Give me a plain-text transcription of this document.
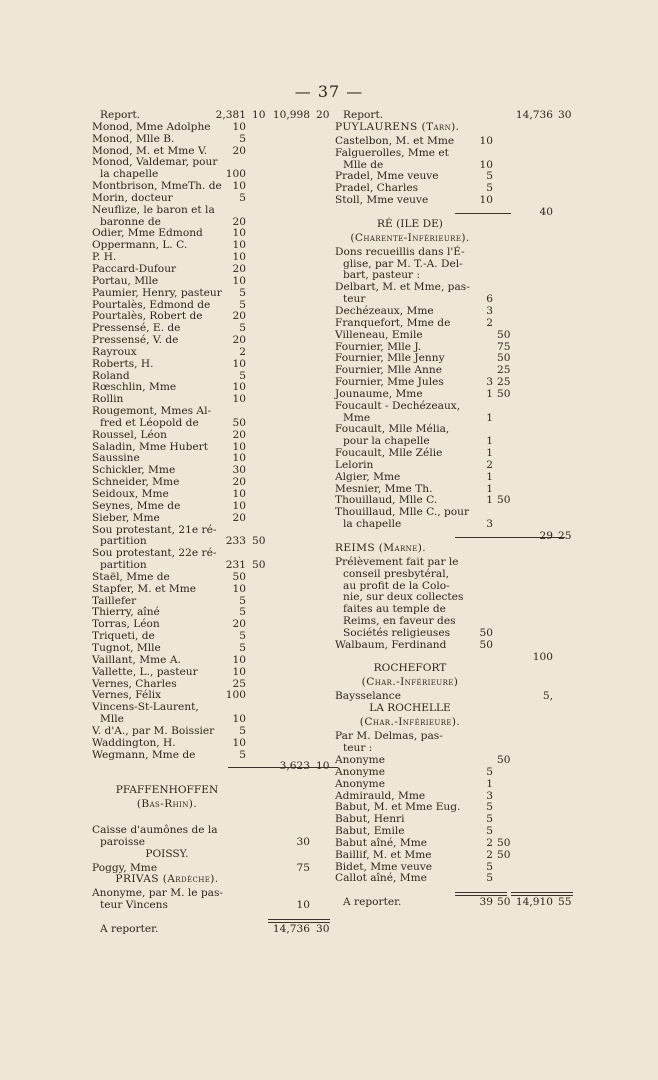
— 37 —
Report.	2,381 10 10,998 20
Monod, Mme Adolphe	10
Monod, Mlle B.	5
Monod, M. et Mme V.	20
Monod, Valdemar, pour
la chapelle	100
Montbrison, MmeTh. de	10
Morin, docteur	5
Neuflize, le baron et la
baronne de	20
Odier, Mme Edmond	10
Oppermann, L. C.	10
P. H.	10
Paccard-Dufour	20
Portau, Mlle	10
Paumier, Henry, pasteur	5
Pourtalès, Edmond de	5
Pourtalès, Robert de	20
Pressensé, E. de	5
Pressensé, V. de	20
Rayroux	2
Roberts, H.	10
Roland	5
Rœschlin, Mme	10
Rollin	10
Rougemont, Mmes Al-
fred et Léopold de	50
Roussel, Léon	20
Saladin, Mme Hubert	10
Saussine	10
Schickler, Mme	30
Schneider, Mme	20
Seidoux, Mme	10
Seynes, Mme de	10
Sieber, Mme	20
Sou protestant, 21e ré-
partition	233 50
Sou protestant, 22e ré-
partition	231 50
Staël, Mme de	50
Stapfer, M. et Mme	10
Taillefer	5
Thierry, aîné	5
Torras, Léon	20
Triqueti, de	5
Tugnot, Mlle	5
Vaillant, Mme A.	10
Vallette, L., pasteur	10
Vernes, Charles	25
Vernes, Félix	100
Vincens-St-Laurent,
Mlle	10
V. d'A., par M. Boissier	5
Waddington, H.	10
Wegmann, Mme de	5
3,623 10
PFAFFENHOFFEN
(Bas-Rhin).
Caisse d'aumônes de la
paroisse	30
POISSY.
Poggy, Mme	75
PRIVAS (Ardèche).
Anonyme, par M. le pas-
teur Vincens	10
A reporter.	14,736 30
Report.	14,736 30
PUYLAURENS (Tarn).
Castelbon, M. et Mme	10
Falguerolles, Mme et
Mlle de	10
Pradel, Mme veuve	5
Pradel, Charles	5
Stoll, Mme veuve	10
40
RÉ (ILE DE)
(Charente-Inférieure).
Dons recueillis dans l'É-
glise, par M. T.-A. Del-
bart, pasteur :
Delbart, M. et Mme, pas-
teur	6
Dechézeaux, Mme	3
Franquefort, Mme de	2
Villeneau, Emile	50
Fournier, Mlle J.	75
Fournier, Mlle Jenny	50
Fournier, Mlle Anne	25
Fournier, Mme Jules	3 25
Jounaume, Mme	1 50
Foucault - Dechézeaux,
Mme	1
Foucault, Mlle Mélia,
pour la chapelle	1
Foucault, Mlle Zélie	1
Lelorin	2
Algier, Mme	1
Mesnier, Mme Th.	1
Thouillaud, Mlle C.	1 50
Thouillaud, Mlle C., pour
la chapelle	3
29 25
REIMS (Marne).
Prélèvement fait par le
conseil presbytéral,
au profit de la Colo-
nie, sur deux collectes
faites au temple de
Reims, en faveur des
Sociétés religieuses	50
Walbaum, Ferdinand	50
100
ROCHEFORT
(Char.-Inférieure)
Baysselance	5,
LA ROCHELLE
(Char.-Inférieure).
Par M. Delmas, pas-
teur :
Anonyme	50
Anonyme	5
Anonyme	1
Admirauld, Mme	3
Babut, M. et Mme Eug.	5
Babut, Henri	5
Babut, Emile	5
Babut aîné, Mme	2 50
Baillif, M. et Mme	2 50
Bidet, Mme veuve	5
Callot aîné, Mme	5
A reporter.	39 50 14,910 55
